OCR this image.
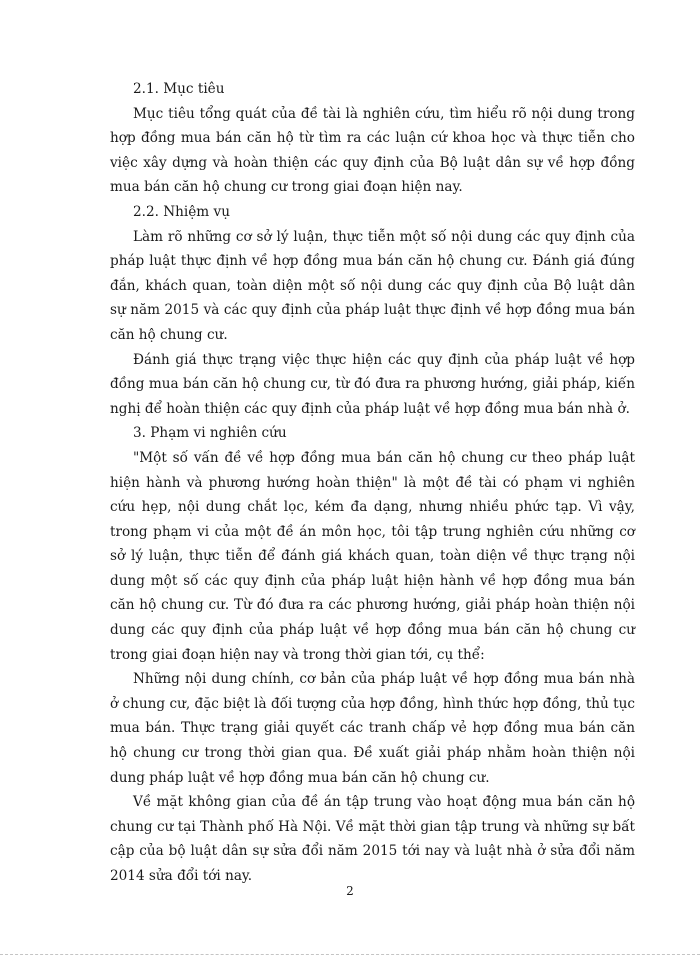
2.1. Mục tiêu

Mục tiêu tổng quát của đề tài là nghiên cứu, tìm hiểu rõ nội dung trong hợp đồng mua bán căn hộ từ tìm ra các luận cứ khoa học và thực tiễn cho việc xây dựng và hoàn thiện các quy định của Bộ luật dân sự về hợp đồng mua bán căn hộ chung cư trong giai đoạn hiện nay.

2.2. Nhiệm vụ

Làm rõ những cơ sở lý luận, thực tiễn một số nội dung các quy định của pháp luật thực định về hợp đồng mua bán căn hộ chung cư. Đánh giá đúng đắn, khách quan, toàn diện một số nội dung các quy định của Bộ luật dân sự năm 2015 và các quy định của pháp luật thực định về hợp đồng mua bán căn hộ chung cư.

Đánh giá thực trạng việc thực hiện các quy định của pháp luật về hợp đồng mua bán căn hộ chung cư, từ đó đưa ra phương hướng, giải pháp, kiến nghị để hoàn thiện các quy định của pháp luật về hợp đồng mua bán nhà ở.

3. Phạm vi nghiên cứu

"Một số vấn đề về hợp đồng mua bán căn hộ chung cư theo pháp luật hiện hành và phương hướng hoàn thiện" là một đề tài có phạm vi nghiên cứu hẹp, nội dung chắt lọc, kém đa dạng, nhưng nhiều phức tạp. Vì vậy, trong phạm vi của một đề án môn học, tôi tập trung nghiên cứu những cơ sở lý luận, thực tiễn để đánh giá khách quan, toàn diện về thực trạng nội dung một số các quy định của pháp luật hiện hành về hợp đồng mua bán căn hộ chung cư. Từ đó đưa ra các phương hướng, giải pháp hoàn thiện nội dung các quy định của pháp luật về hợp đồng mua bán căn hộ chung cư trong giai đoạn hiện nay và trong thời gian tới, cụ thể:

Những nội dung chính, cơ bản của pháp luật về hợp đồng mua bán nhà ở chung cư, đặc biệt là đối tượng của hợp đồng, hình thức hợp đồng, thủ tục mua bán. Thực trạng giải quyết các tranh chấp vẻ hợp đồng mua bán căn hộ chung cư trong thời gian qua. Đề xuất giải pháp nhằm hoàn thiện nội dung pháp luật về hợp đồng mua bán căn hộ chung cư.

Về mặt không gian của đề án tập trung vào hoạt động mua bán căn hộ chung cư tại Thành phố Hà Nội. Về mặt thời gian tập trung và những sự bất cập của bộ luật dân sự sửa đổi năm 2015 tới nay và luật nhà ở sửa đổi năm 2014 sửa đổi tới nay.

2
